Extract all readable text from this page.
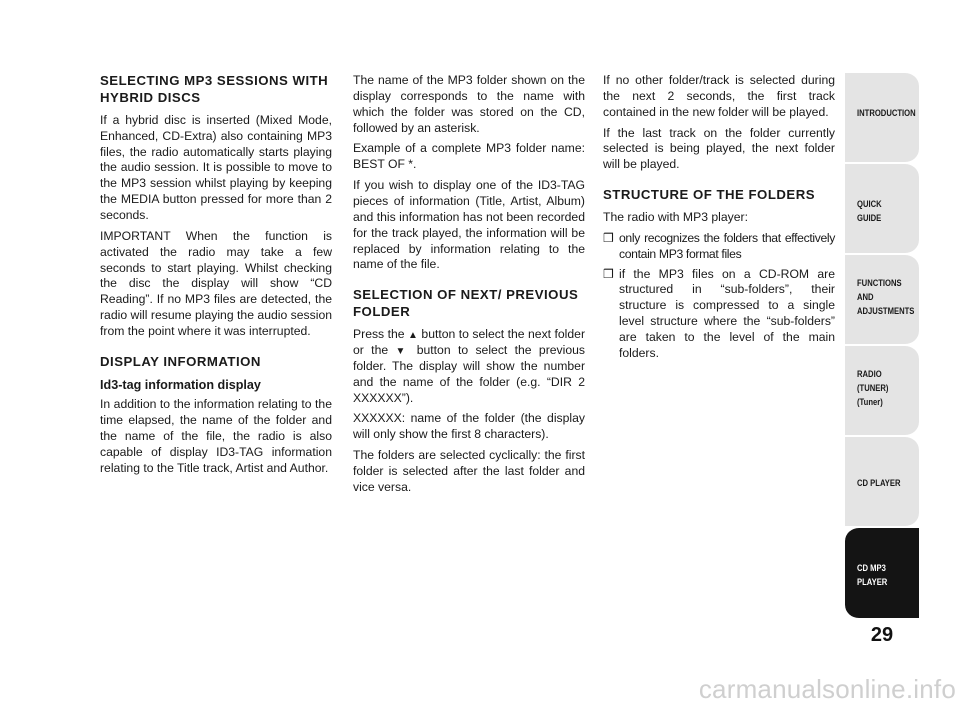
SELECTING MP3 SESSIONS WITH HYBRID DISCS

If a hybrid disc is inserted (Mixed Mode, Enhanced, CD-Extra) also containing MP3 files, the radio automatically starts playing the audio session. It is possible to move to the MP3 session whilst playing by keeping the MEDIA button pressed for more than 2 seconds.

IMPORTANT When the function is activated the radio may take a few seconds to start playing. Whilst checking the disc the display will show “CD Reading”. If no MP3 files are detected, the radio will resume playing the audio session from the point where it was interrupted.

DISPLAY INFORMATION
Id3-tag information display

In addition to the information relating to the time elapsed, the name of the folder and the name of the file, the radio is also capable of display ID3-TAG information relating to the Title track, Artist and Author.

The name of the MP3 folder shown on the display corresponds to the name with which the folder was stored on the CD, followed by an asterisk.

Example of a complete MP3 folder name: BEST OF *.

If you wish to display one of the ID3-TAG pieces of information (Title, Artist, Album) and this information has not been recorded for the track played, the information will be replaced by information relating to the name of the file.

SELECTION OF NEXT/ PREVIOUS FOLDER

Press the ▲ button to select the next folder or the ▼ button to select the previous folder. The display will show the number and the name of the folder (e.g. “DIR 2 XXXXXX”).

XXXXXX: name of the folder (the display will only show the first 8 characters).

The folders are selected cyclically: the first folder is selected after the last folder and vice versa.

If no other folder/track is selected during the next 2 seconds, the first track contained in the new folder will be played.

If the last track on the folder currently selected is being played, the next folder will be played.

STRUCTURE OF THE FOLDERS

The radio with MP3 player:

❒ only recognizes the folders that effectively contain MP3 format files
❒ if the MP3 files on a CD-ROM are structured in “sub-folders”, their structure is compressed to a single level structure where the “sub-folders” are taken to the level of the main folders.
INTRODUCTION
QUICK
GUIDE
FUNCTIONS
AND
ADJUSTMENTS
RADIO
(TUNER)
(Tuner)
CD PLAYER
CD MP3
PLAYER
29
carmanualsonline.info
